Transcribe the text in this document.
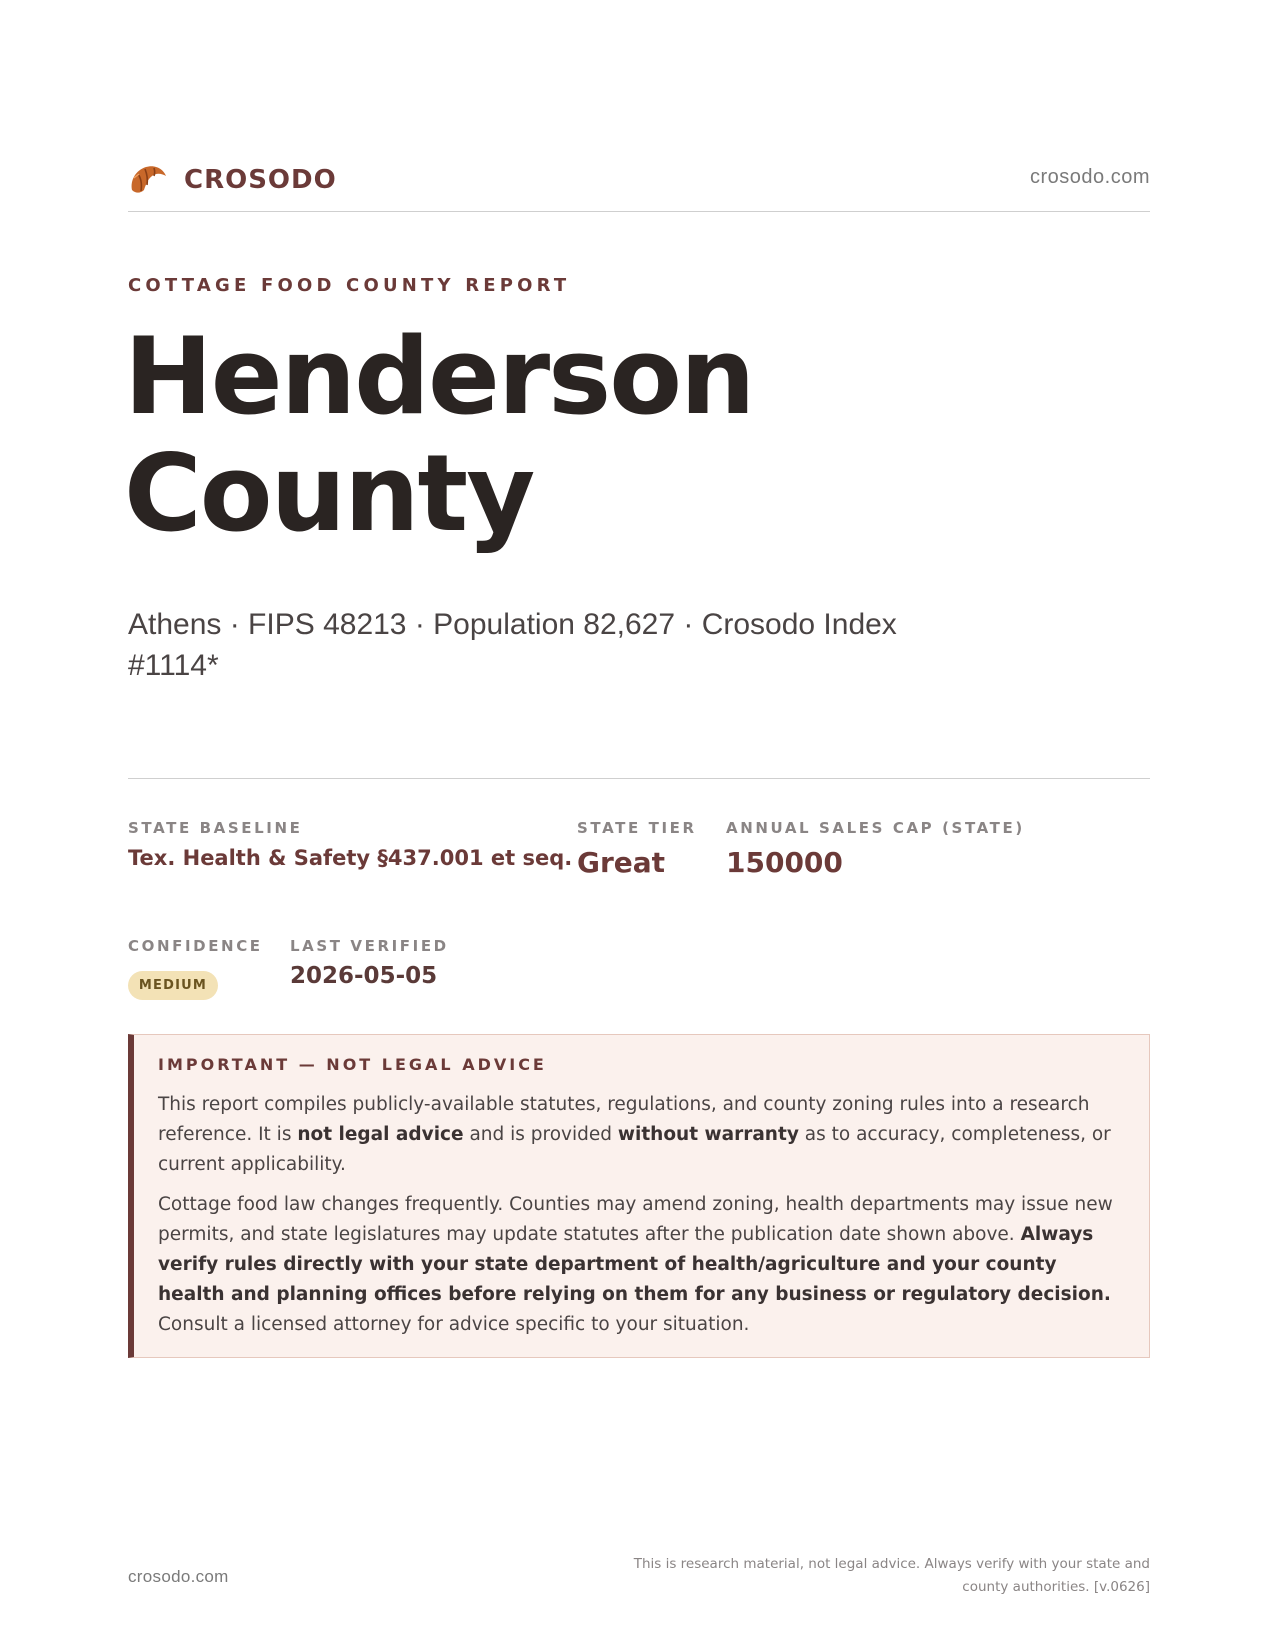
CROSODO	crosodo.com
COTTAGE FOOD COUNTY REPORT
Henderson
County
Athens · FIPS 48213 · Population 82,627 · Crosodo Index #1114*
STATE BASELINE
Tex. Health & Safety §437.001 et seq.
STATE TIER
Great
ANNUAL SALES CAP (STATE)
150000
CONFIDENCE
MEDIUM
LAST VERIFIED
2026-05-05
IMPORTANT — NOT LEGAL ADVICE

This report compiles publicly-available statutes, regulations, and county zoning rules into a research reference. It is not legal advice and is provided without warranty as to accuracy, completeness, or current applicability.

Cottage food law changes frequently. Counties may amend zoning, health departments may issue new permits, and state legislatures may update statutes after the publication date shown above. Always verify rules directly with your state department of health/agriculture and your county health and planning offices before relying on them for any business or regulatory decision. Consult a licensed attorney for advice specific to your situation.

crosodo.com
This is research material, not legal advice. Always verify with your state and county authorities. [v.0626]
